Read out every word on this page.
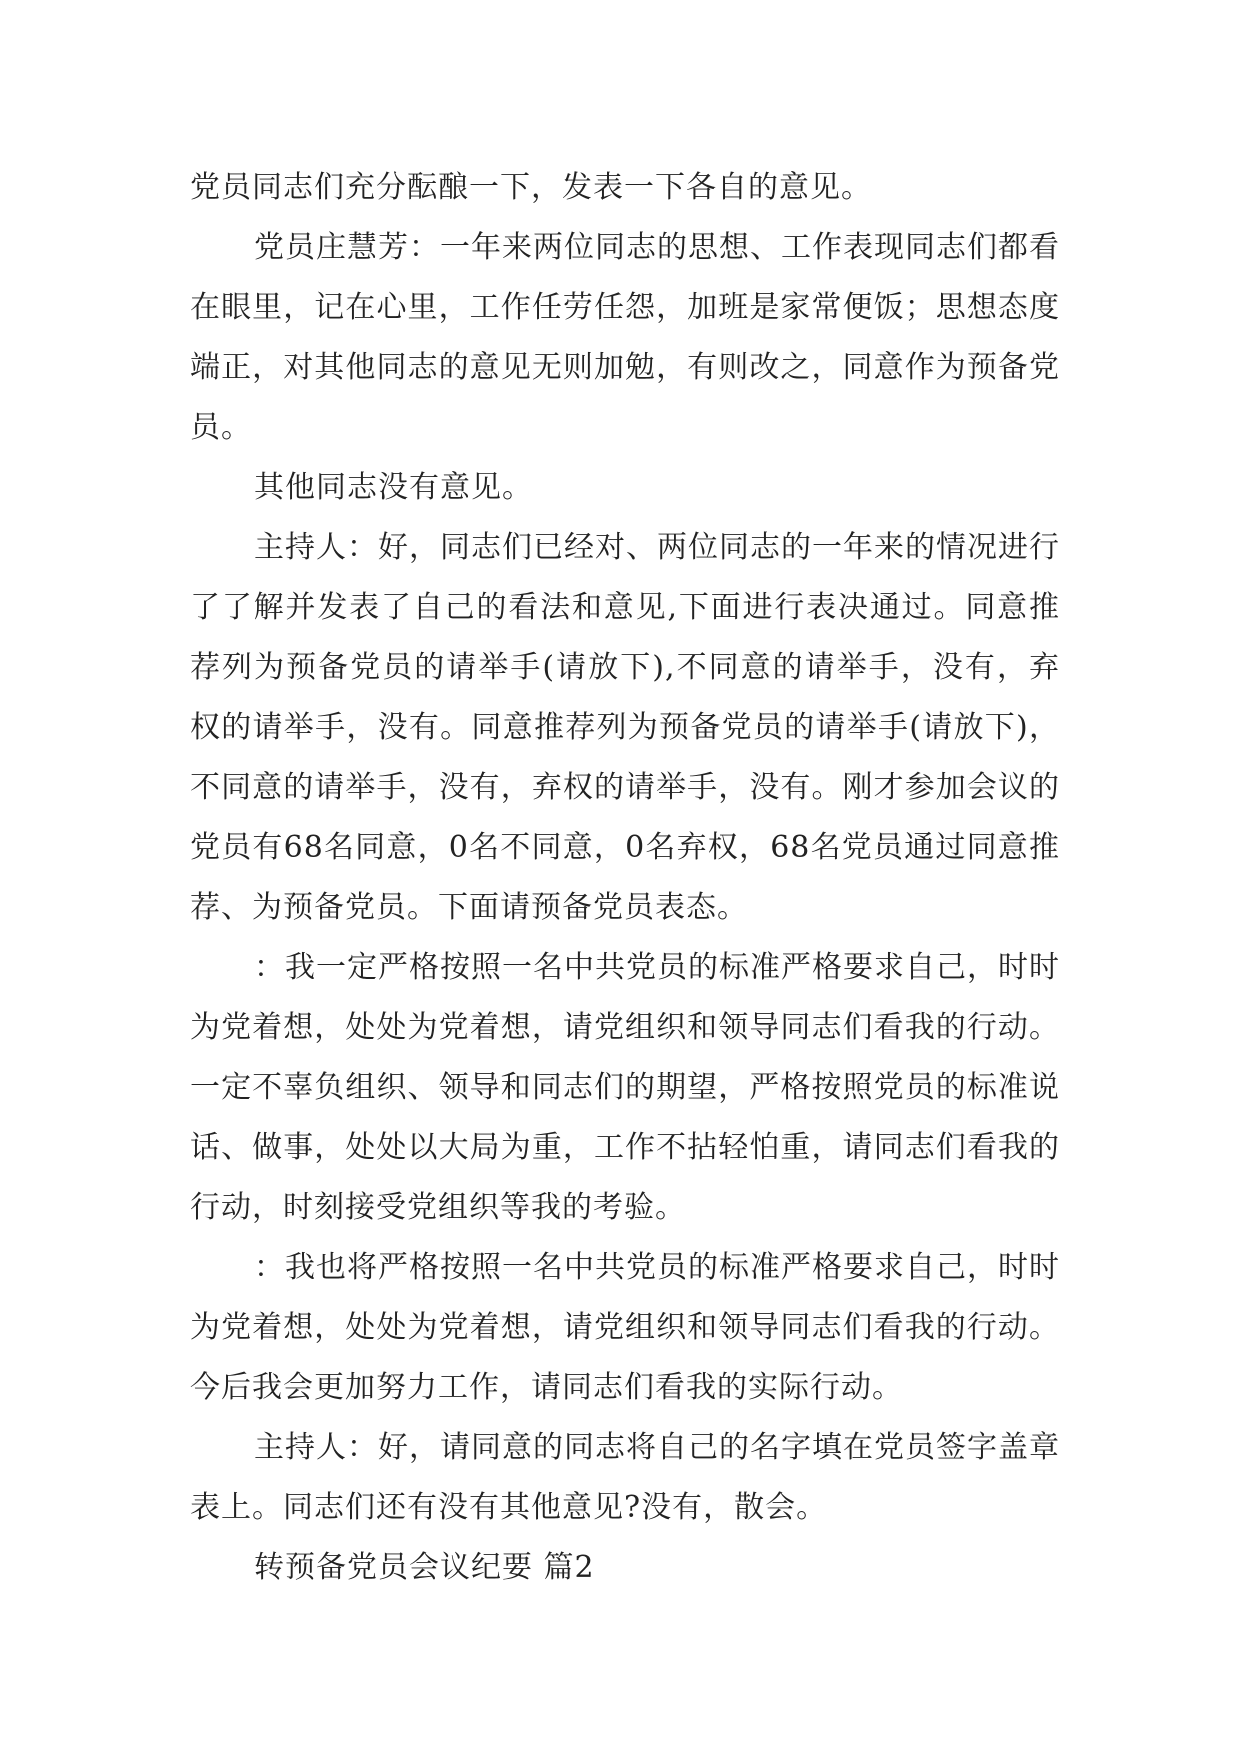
党员同志们充分酝酿一下，发表一下各自的意见。

党员庄慧芳：一年来两位同志的思想、工作表现同志们都看在眼里，记在心里，工作任劳任怨，加班是家常便饭；思想态度端正，对其他同志的意见无则加勉，有则改之，同意作为预备党员。

其他同志没有意见。

主持人：好，同志们已经对、两位同志的一年来的情况进行了了解并发表了自己的看法和意见,下面进行表决通过。同意推荐列为预备党员的请举手(请放下),不同意的请举手，没有，弃权的请举手，没有。同意推荐列为预备党员的请举手(请放下)，不同意的请举手，没有，弃权的请举手，没有。刚才参加会议的党员有68名同意，0名不同意，0名弃权，68名党员通过同意推荐、为预备党员。下面请预备党员表态。

：我一定严格按照一名中共党员的标准严格要求自己，时时为党着想，处处为党着想，请党组织和领导同志们看我的行动。一定不辜负组织、领导和同志们的期望，严格按照党员的标准说话、做事，处处以大局为重，工作不拈轻怕重，请同志们看我的行动，时刻接受党组织等我的考验。

：我也将严格按照一名中共党员的标准严格要求自己，时时为党着想，处处为党着想，请党组织和领导同志们看我的行动。今后我会更加努力工作，请同志们看我的实际行动。

主持人：好，请同意的同志将自己的名字填在党员签字盖章表上。同志们还有没有其他意见?没有，散会。

转预备党员会议纪要 篇2
